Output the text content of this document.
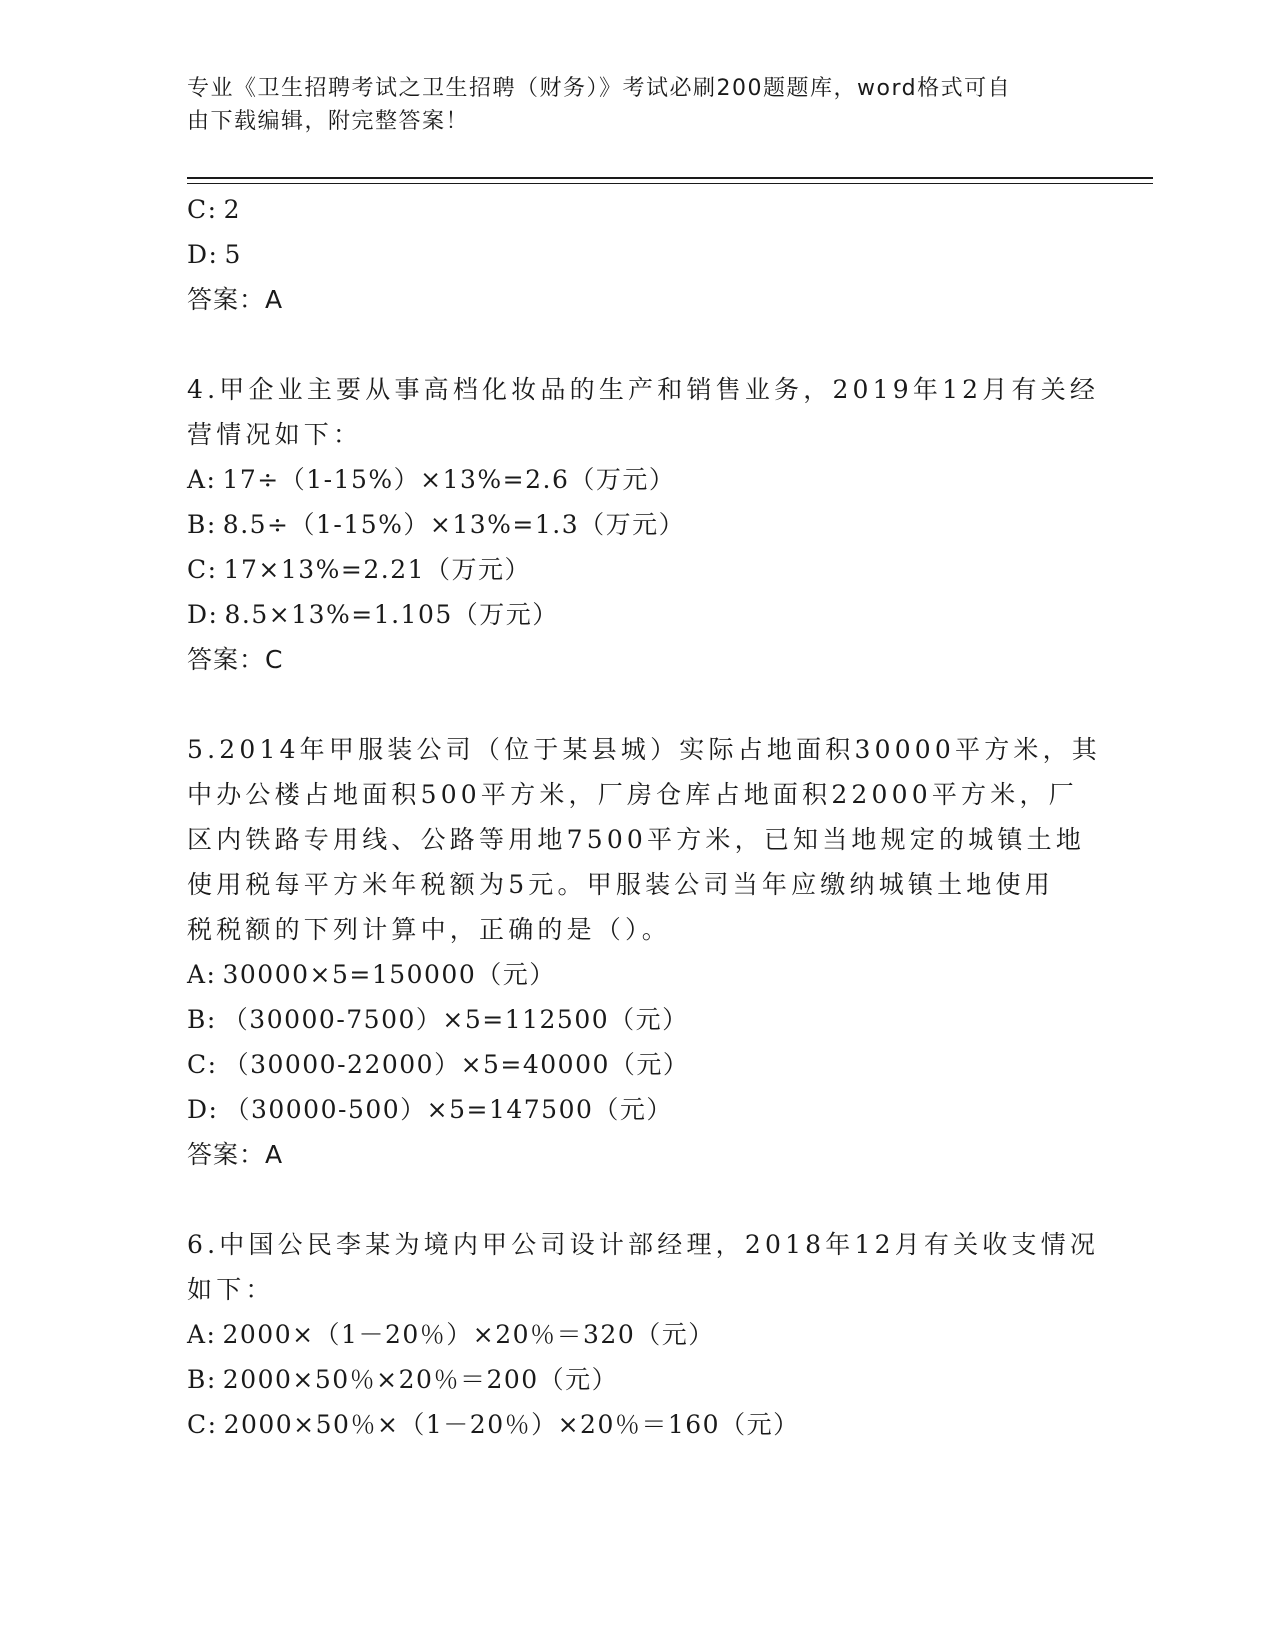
专业《卫生招聘考试之卫生招聘（财务）》考试必刷200题题库，word格式可自
由下载编辑，附完整答案！
C: 2
D: 5
答案：A
4.甲企业主要从事高档化妆品的生产和销售业务，2019年12月有关经
营情况如下：
A: 17÷（1-15%）×13%=2.6（万元）
B: 8.5÷（1-15%）×13%=1.3（万元）
C: 17×13%=2.21（万元）
D: 8.5×13%=1.105（万元）
答案：C
5.2014年甲服装公司（位于某县城）实际占地面积30000平方米，其
中办公楼占地面积500平方米，厂房仓库占地面积22000平方米，厂
区内铁路专用线、公路等用地7500平方米，已知当地规定的城镇土地
使用税每平方米年税额为5元。甲服装公司当年应缴纳城镇土地使用
税税额的下列计算中，正确的是（）。
A: 30000×5=150000（元）
B: （30000-7500）×5=112500（元）
C: （30000-22000）×5=40000（元）
D: （30000-500）×5=147500（元）
答案：A
6.中国公民李某为境内甲公司设计部经理，2018年12月有关收支情况
如下：
A: 2000×（1－20％）×20％＝320（元）
B: 2000×50％×20％＝200（元）
C: 2000×50％×（1－20％）×20％＝160（元）
